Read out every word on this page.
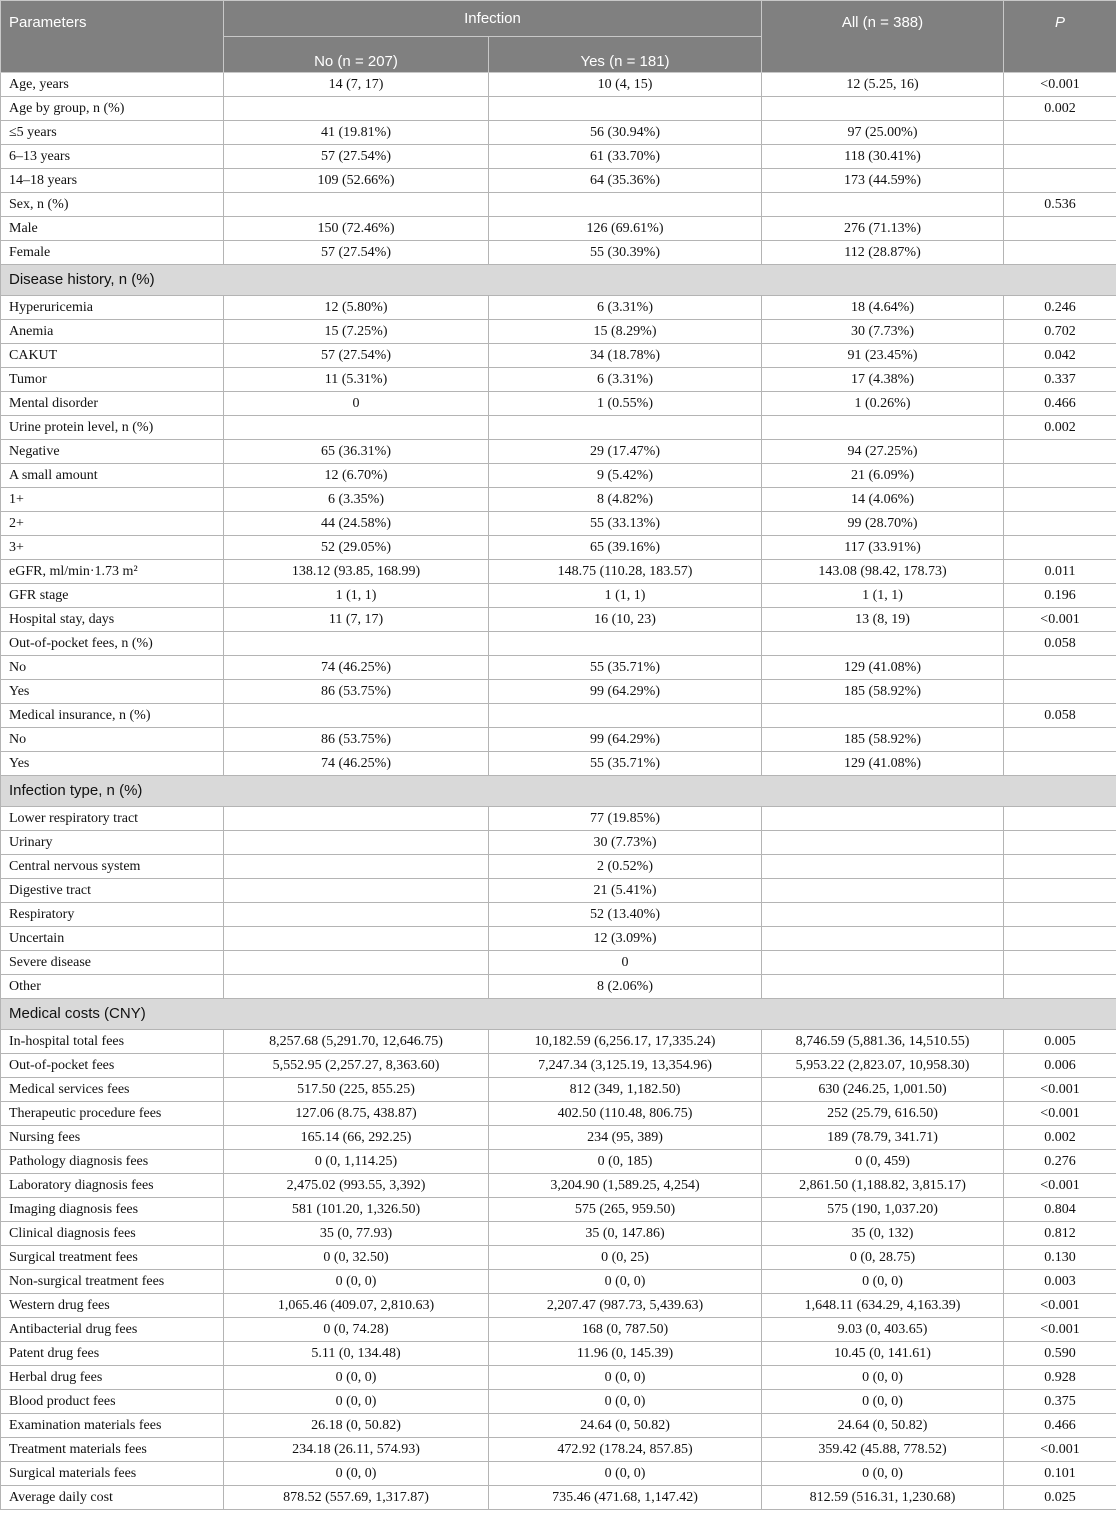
Parameters	Infection		All (n = 388)	P
	No (n = 207)	Yes (n = 181)		
Age, years	14 (7, 17)	10 (4, 15)	12 (5.25, 16)	<0.001
Age by group, n (%)				0.002
≤5 years	41 (19.81%)	56 (30.94%)	97 (25.00%)	
6–13 years	57 (27.54%)	61 (33.70%)	118 (30.41%)	
14–18 years	109 (52.66%)	64 (35.36%)	173 (44.59%)	
Sex, n (%)				0.536
Male	150 (72.46%)	126 (69.61%)	276 (71.13%)	
Female	57 (27.54%)	55 (30.39%)	112 (28.87%)	
Disease history, n (%)				
Hyperuricemia	12 (5.80%)	6 (3.31%)	18 (4.64%)	0.246
Anemia	15 (7.25%)	15 (8.29%)	30 (7.73%)	0.702
CAKUT	57 (27.54%)	34 (18.78%)	91 (23.45%)	0.042
Tumor	11 (5.31%)	6 (3.31%)	17 (4.38%)	0.337
Mental disorder	0	1 (0.55%)	1 (0.26%)	0.466
Urine protein level, n (%)				0.002
Negative	65 (36.31%)	29 (17.47%)	94 (27.25%)	
A small amount	12 (6.70%)	9 (5.42%)	21 (6.09%)	
1+	6 (3.35%)	8 (4.82%)	14 (4.06%)	
2+	44 (24.58%)	55 (33.13%)	99 (28.70%)	
3+	52 (29.05%)	65 (39.16%)	117 (33.91%)	
eGFR, ml/min·1.73 m²	138.12 (93.85, 168.99)	148.75 (110.28, 183.57)	143.08 (98.42, 178.73)	0.011
GFR stage	1 (1, 1)	1 (1, 1)	1 (1, 1)	0.196
Hospital stay, days	11 (7, 17)	16 (10, 23)	13 (8, 19)	<0.001
Out-of-pocket fees, n (%)				0.058
No	74 (46.25%)	55 (35.71%)	129 (41.08%)	
Yes	86 (53.75%)	99 (64.29%)	185 (58.92%)	
Medical insurance, n (%)				0.058
No	86 (53.75%)	99 (64.29%)	185 (58.92%)	
Yes	74 (46.25%)	55 (35.71%)	129 (41.08%)	
Infection type, n (%)				
Lower respiratory tract		77 (19.85%)		
Urinary		30 (7.73%)		
Central nervous system		2 (0.52%)		
Digestive tract		21 (5.41%)		
Respiratory		52 (13.40%)		
Uncertain		12 (3.09%)		
Severe disease		0		
Other		8 (2.06%)		
Medical costs (CNY)				
In-hospital total fees	8,257.68 (5,291.70, 12,646.75)	10,182.59 (6,256.17, 17,335.24)	8,746.59 (5,881.36, 14,510.55)	0.005
Out-of-pocket fees	5,552.95 (2,257.27, 8,363.60)	7,247.34 (3,125.19, 13,354.96)	5,953.22 (2,823.07, 10,958.30)	0.006
Medical services fees	517.50 (225, 855.25)	812 (349, 1,182.50)	630 (246.25, 1,001.50)	<0.001
Therapeutic procedure fees	127.06 (8.75, 438.87)	402.50 (110.48, 806.75)	252 (25.79, 616.50)	<0.001
Nursing fees	165.14 (66, 292.25)	234 (95, 389)	189 (78.79, 341.71)	0.002
Pathology diagnosis fees	0 (0, 1,114.25)	0 (0, 185)	0 (0, 459)	0.276
Laboratory diagnosis fees	2,475.02 (993.55, 3,392)	3,204.90 (1,589.25, 4,254)	2,861.50 (1,188.82, 3,815.17)	<0.001
Imaging diagnosis fees	581 (101.20, 1,326.50)	575 (265, 959.50)	575 (190, 1,037.20)	0.804
Clinical diagnosis fees	35 (0, 77.93)	35 (0, 147.86)	35 (0, 132)	0.812
Surgical treatment fees	0 (0, 32.50)	0 (0, 25)	0 (0, 28.75)	0.130
Non-surgical treatment fees	0 (0, 0)	0 (0, 0)	0 (0, 0)	0.003
Western drug fees	1,065.46 (409.07, 2,810.63)	2,207.47 (987.73, 5,439.63)	1,648.11 (634.29, 4,163.39)	<0.001
Antibacterial drug fees	0 (0, 74.28)	168 (0, 787.50)	9.03 (0, 403.65)	<0.001
Patent drug fees	5.11 (0, 134.48)	11.96 (0, 145.39)	10.45 (0, 141.61)	0.590
Herbal drug fees	0 (0, 0)	0 (0, 0)	0 (0, 0)	0.928
Blood product fees	0 (0, 0)	0 (0, 0)	0 (0, 0)	0.375
Examination materials fees	26.18 (0, 50.82)	24.64 (0, 50.82)	24.64 (0, 50.82)	0.466
Treatment materials fees	234.18 (26.11, 574.93)	472.92 (178.24, 857.85)	359.42 (45.88, 778.52)	<0.001
Surgical materials fees	0 (0, 0)	0 (0, 0)	0 (0, 0)	0.101
Average daily cost	878.52 (557.69, 1,317.87)	735.46 (471.68, 1,147.42)	812.59 (516.31, 1,230.68)	0.025
